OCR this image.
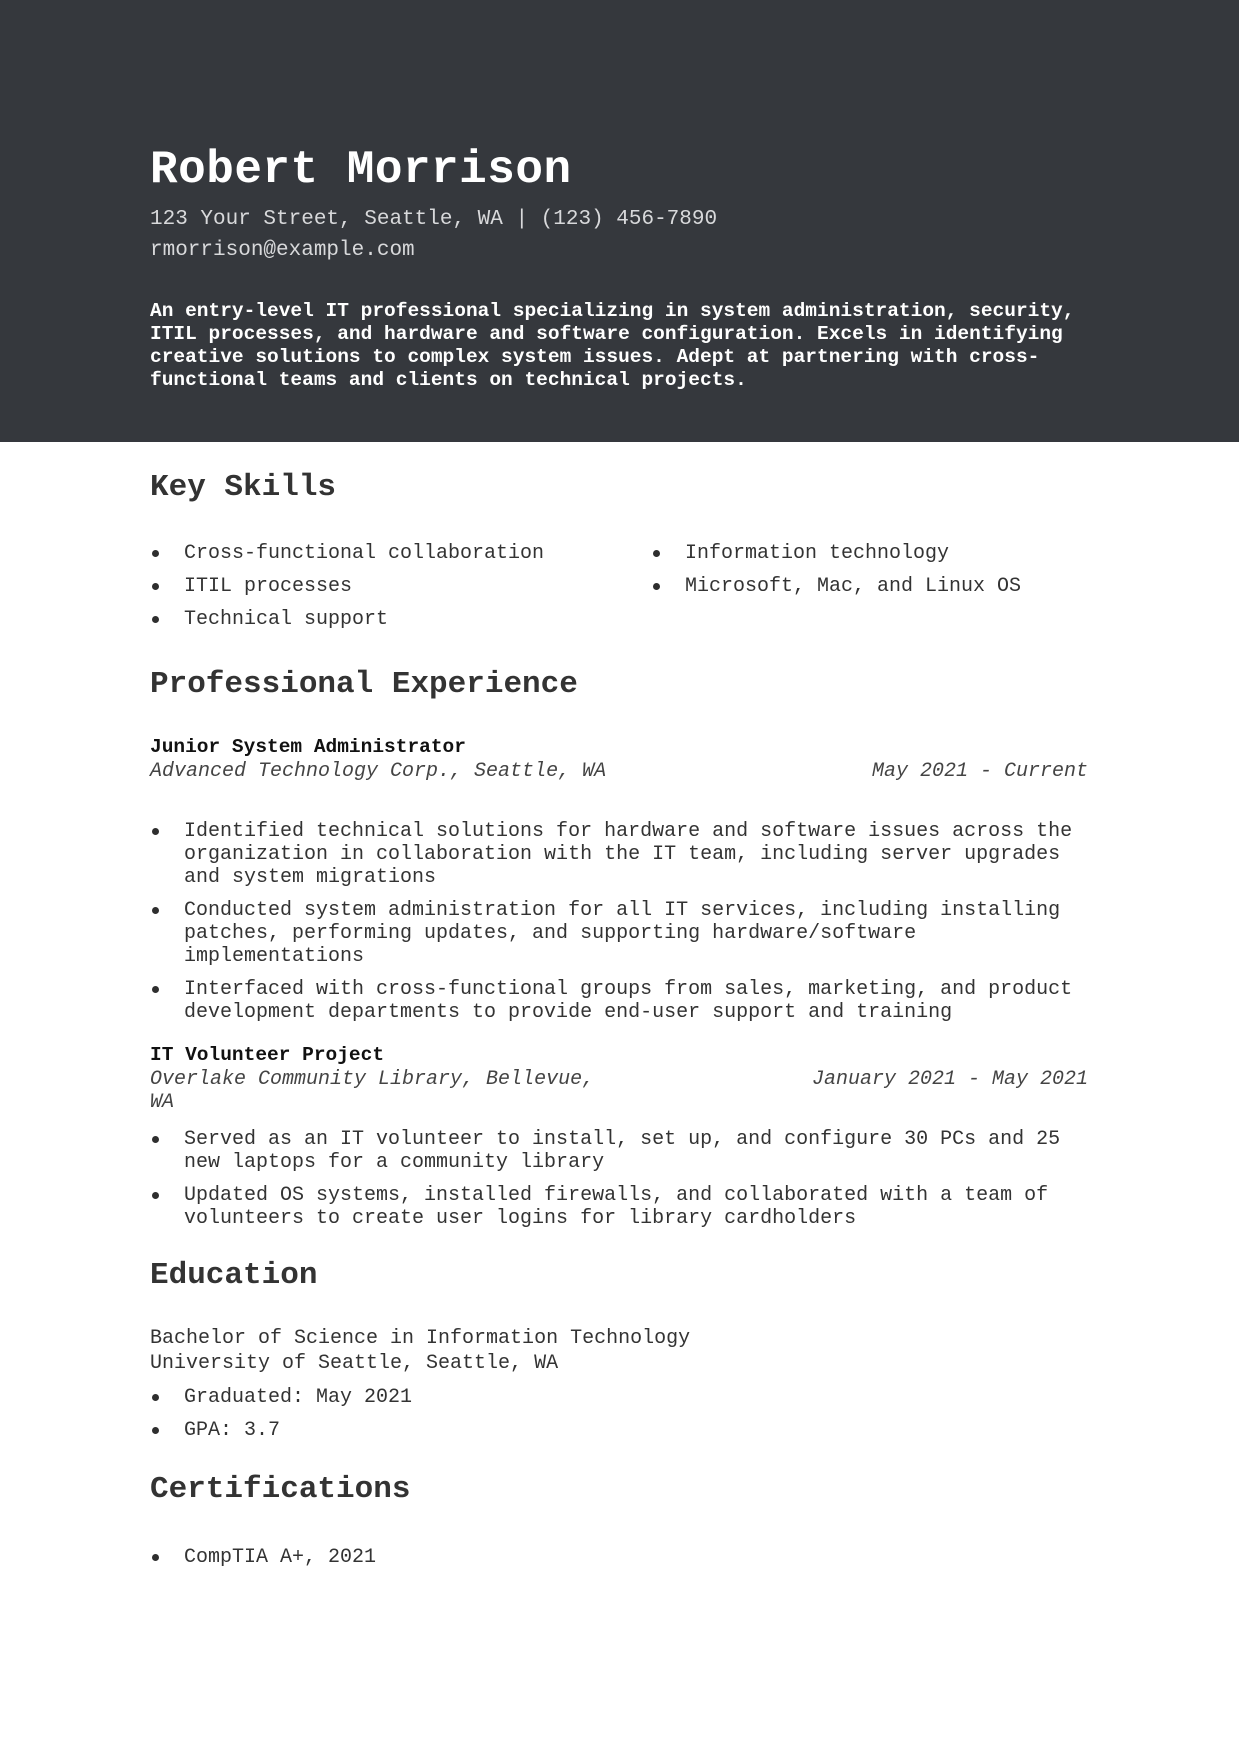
Robert Morrison
123 Your Street, Seattle, WA | (123) 456-7890
rmorrison@example.com

An entry-level IT professional specializing in system administration, security, ITIL processes, and hardware and software configuration. Excels in identifying creative solutions to complex system issues. Adept at partnering with cross-functional teams and clients on technical projects.

Key Skills
Cross-functional collaboration
ITIL processes
Technical support
Information technology
Microsoft, Mac, and Linux OS
Professional Experience
Junior System Administrator
Advanced Technology Corp., Seattle, WA	May 2021 - Current
Identified technical solutions for hardware and software issues across the organization in collaboration with the IT team, including server upgrades and system migrations
Conducted system administration for all IT services, including installing patches, performing updates, and supporting hardware/software implementations
Interfaced with cross-functional groups from sales, marketing, and product development departments to provide end-user support and training
IT Volunteer Project
Overlake Community Library, Bellevue, WA
January 2021 - May 2021
Served as an IT volunteer to install, set up, and configure 30 PCs and 25 new laptops for a community library
Updated OS systems, installed firewalls, and collaborated with a team of volunteers to create user logins for library cardholders
Education
Bachelor of Science in Information Technology
University of Seattle, Seattle, WA
Graduated: May 2021
GPA: 3.7
Certifications
CompTIA A+, 2021
